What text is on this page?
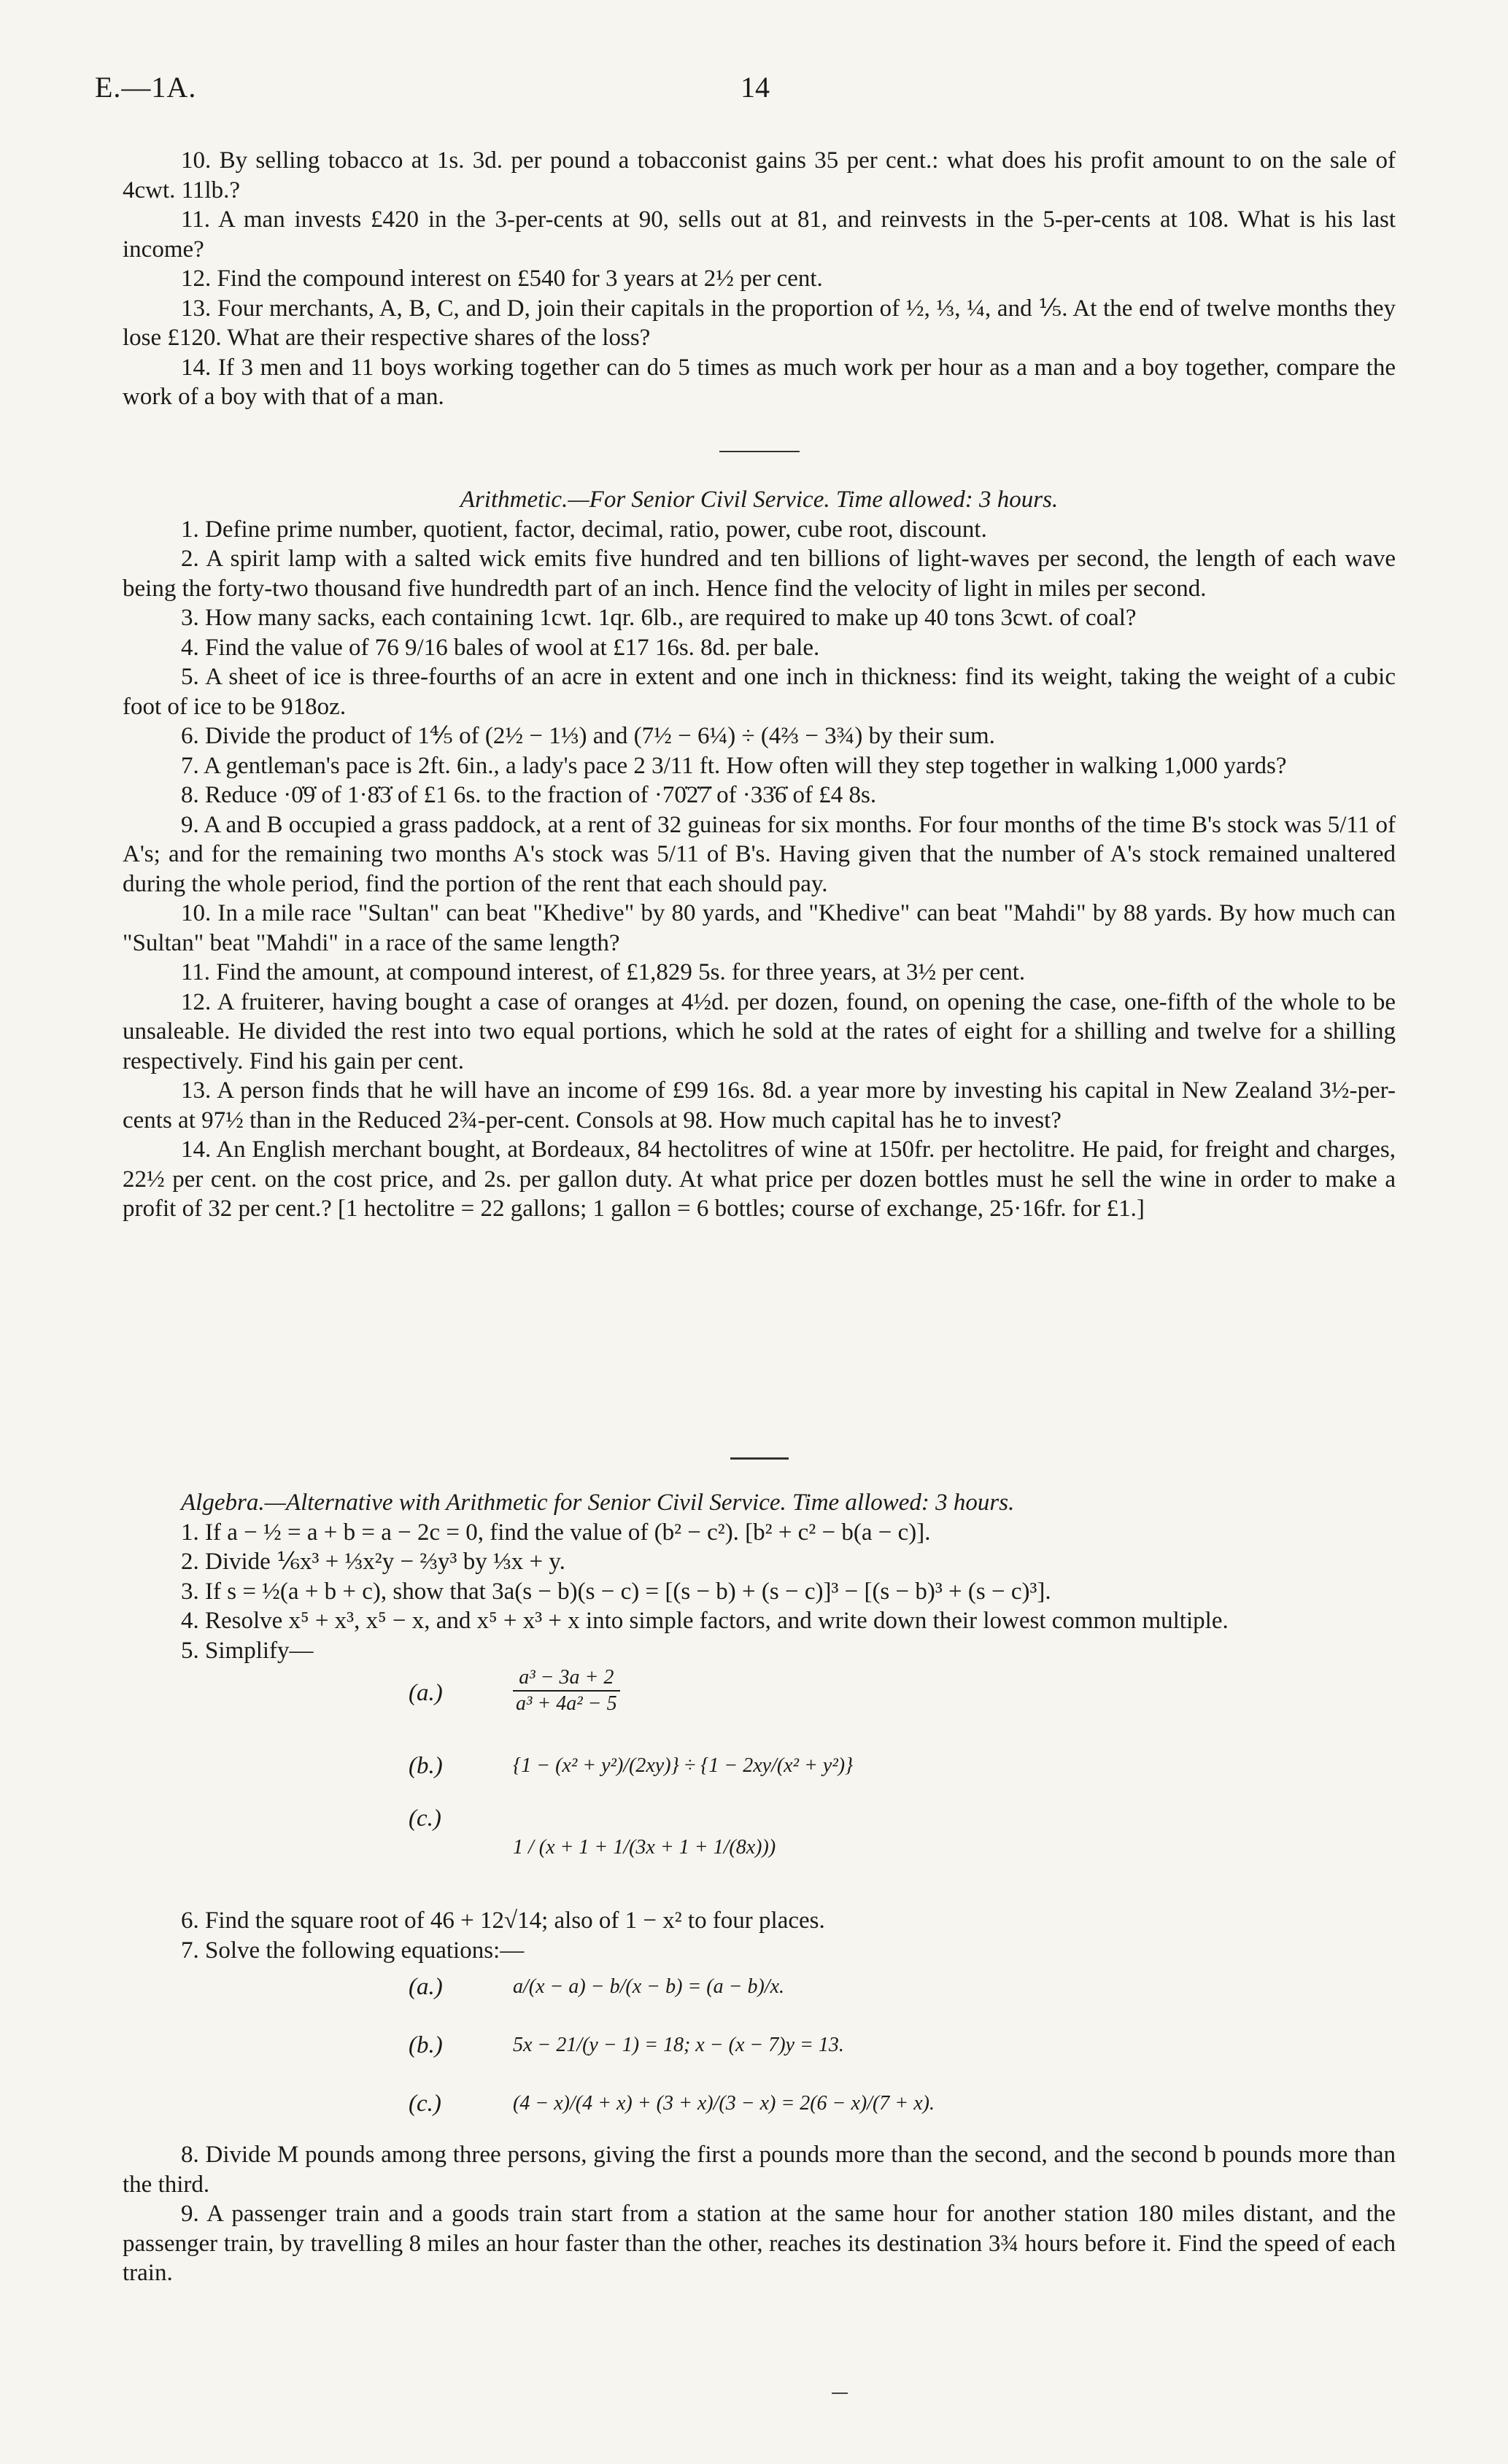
E.—1A.	14

10. By selling tobacco at 1s. 3d. per pound a tobacconist gains 35 per cent.: what does his profit amount to on the sale of 4cwt. 11lb.?

11. A man invests £420 in the 3-per-cents at 90, sells out at 81, and reinvests in the 5-per-cents at 108. What is his last income?

12. Find the compound interest on £540 for 3 years at 2½ per cent.

13. Four merchants, A, B, C, and D, join their capitals in the proportion of ½, ⅓, ¼, and ⅕. At the end of twelve months they lose £120. What are their respective shares of the loss?

14. If 3 men and 11 boys working together can do 5 times as much work per hour as a man and a boy together, compare the work of a boy with that of a man.

Arithmetic.—For Senior Civil Service. Time allowed: 3 hours.

1. Define prime number, quotient, factor, decimal, ratio, power, cube root, discount.

2. A spirit lamp with a salted wick emits five hundred and ten billions of light-waves per second, the length of each wave being the forty-two thousand five hundredth part of an inch. Hence find the velocity of light in miles per second.

3. How many sacks, each containing 1cwt. 1qr. 6lb., are required to make up 40 tons 3cwt. of coal?

4. Find the value of 76 9/16 bales of wool at £17 16s. 8d. per bale.

5. A sheet of ice is three-fourths of an acre in extent and one inch in thickness: find its weight, taking the weight of a cubic foot of ice to be 918oz.

6. Divide the product of 1⅘ of (2½ − 1⅓) and (7½ − 6¼) ÷ (4⅔ − 3¾) by their sum.

7. A gentleman's pace is 2ft. 6in., a lady's pace 2 3/11 ft. How often will they step together in walking 1,000 yards?

8. Reduce ·0̇9̇ of 1·8̇3̇ of £1 6s. to the fraction of ·70̇2̇7̇ of ·33̇6̇ of £4 8s.

9. A and B occupied a grass paddock, at a rent of 32 guineas for six months. For four months of the time B's stock was 5/11 of A's; and for the remaining two months A's stock was 5/11 of B's. Having given that the number of A's stock remained unaltered during the whole period, find the portion of the rent that each should pay.

10. In a mile race "Sultan" can beat "Khedive" by 80 yards, and "Khedive" can beat "Mahdi" by 88 yards. By how much can "Sultan" beat "Mahdi" in a race of the same length?

11. Find the amount, at compound interest, of £1,829 5s. for three years, at 3½ per cent.

12. A fruiterer, having bought a case of oranges at 4½d. per dozen, found, on opening the case, one-fifth of the whole to be unsaleable. He divided the rest into two equal portions, which he sold at the rates of eight for a shilling and twelve for a shilling respectively. Find his gain per cent.

13. A person finds that he will have an income of £99 16s. 8d. a year more by investing his capital in New Zealand 3½-per-cents at 97½ than in the Reduced 2¾-per-cent. Consols at 98. How much capital has he to invest?

14. An English merchant bought, at Bordeaux, 84 hectolitres of wine at 150fr. per hectolitre. He paid, for freight and charges, 22½ per cent. on the cost price, and 2s. per gallon duty. At what price per dozen bottles must he sell the wine in order to make a profit of 32 per cent.? [1 hectolitre = 22 gallons; 1 gallon = 6 bottles; course of exchange, 25·16fr. for £1.]

Algebra.—Alternative with Arithmetic for Senior Civil Service. Time allowed: 3 hours.

1. If a − ½ = a + b = a − 2c = 0, find the value of (b² − c²). [b² + c² − b(a − c)].

2. Divide ⅙x³ + ⅓x²y − ⅔y³ by ⅓x + y.

3. If s = ½(a + b + c), show that 3a(s − b)(s − c) = [(s − b) + (s − c)]³ − [(s − b)³ + (s − c)³].

4. Resolve x⁵ + x³, x⁵ − x, and x⁵ + x³ + x into simple factors, and write down their lowest common multiple.

5. Simplify—

(a.)	$\frac{\text{a³ − 3a + 2}}{\text{a³ + 4a² − 5}}$
(b.)	{1 − (x² + y²)/(2xy)} ÷ {1 − 2xy/(x² + y²)}
(c.)
1 / (x + 1 + 1/(3x + 1 + 1/(8x)))

6. Find the square root of 46 + 12√14; also of 1 − x² to four places.

7. Solve the following equations:—

(a.)	a/(x − a) − b/(x − b) = (a − b)/x.
(b.)	5x − 21/(y − 1) = 18; x − (x − 7)y = 13.
(c.)	(4 − x)/(4 + x) + (3 + x)/(3 − x) = 2(6 − x)/(7 + x).

8. Divide M pounds among three persons, giving the first a pounds more than the second, and the second b pounds more than the third.

9. A passenger train and a goods train start from a station at the same hour for another station 180 miles distant, and the passenger train, by travelling 8 miles an hour faster than the other, reaches its destination 3¾ hours before it. Find the speed of each train.
